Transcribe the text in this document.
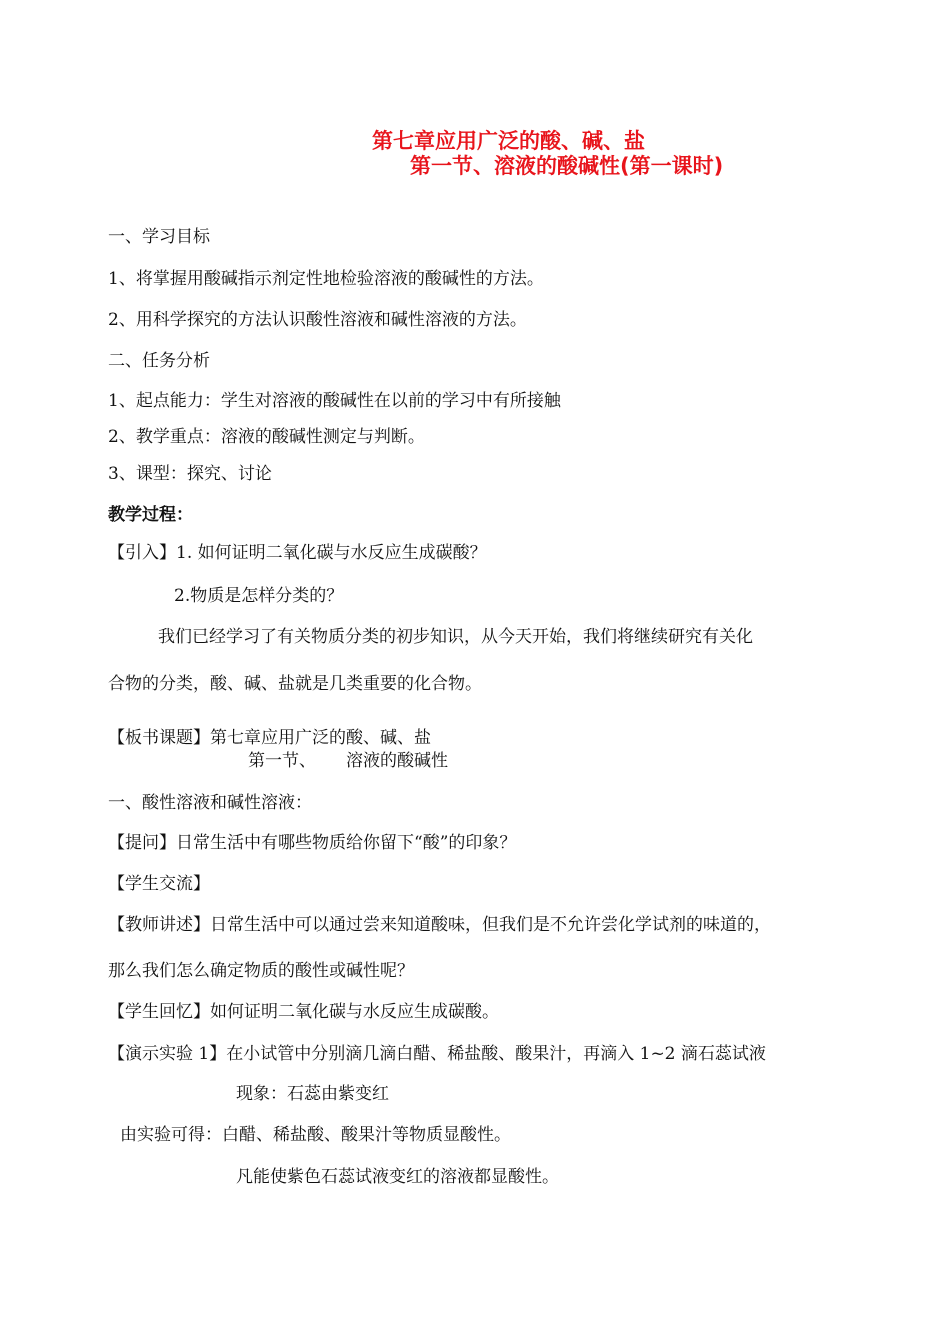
第七章应用广泛的酸、碱、盐
第一节、溶液的酸碱性(第一课时)
一、学习目标
1、将掌握用酸碱指示剂定性地检验溶液的酸碱性的方法。
2、用科学探究的方法认识酸性溶液和碱性溶液的方法。
二、任务分析
1、起点能力：学生对溶液的酸碱性在以前的学习中有所接触
2、教学重点：溶液的酸碱性测定与判断。
3、课型：探究、讨论
教学过程：
【引入】1. 如何证明二氧化碳与水反应生成碳酸？
2.物质是怎样分类的？
我们已经学习了有关物质分类的初步知识，从今天开始，我们将继续研究有关化
合物的分类，酸、碱、盐就是几类重要的化合物。
【板书课题】第七章应用广泛的酸、碱、盐
第一节、 溶液的酸碱性
一、酸性溶液和碱性溶液：
【提问】日常生活中有哪些物质给你留下“酸”的印象？
【学生交流】
【教师讲述】日常生活中可以通过尝来知道酸味，但我们是不允许尝化学试剂的味道的，
那么我们怎么确定物质的酸性或碱性呢？
【学生回忆】如何证明二氧化碳与水反应生成碳酸。
【演示实验 1】在小试管中分别滴几滴白醋、稀盐酸、酸果汁，再滴入 1~2 滴石蕊试液
现象：石蕊由紫变红
由实验可得：白醋、稀盐酸、酸果汁等物质显酸性。
凡能使紫色石蕊试液变红的溶液都显酸性。
